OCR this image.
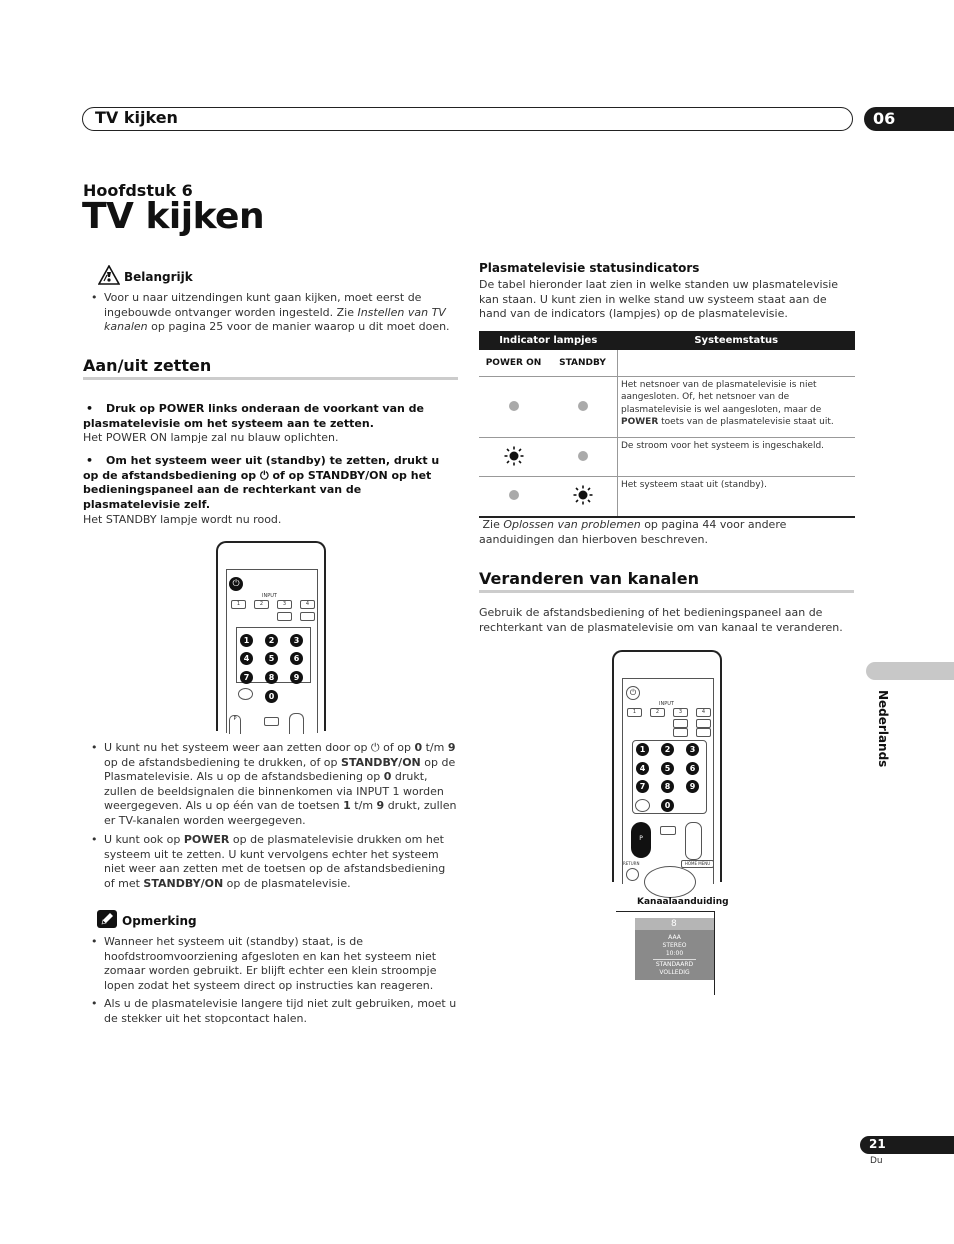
TV kijken	06
Hoofdstuk 6
TV kijken
Belangrijk
• Voor u naar uitzendingen kunt gaan kijken, moet eerst de ingebouwde ontvanger worden ingesteld. Zie Instellen van TV kanalen op pagina 25 voor de manier waarop u dit moet doen.
Aan/uit zetten
• Druk op POWER links onderaan de voorkant van de plasmatelevisie om het systeem aan te zetten.
Het POWER ON lampje zal nu blauw oplichten.
• Om het systeem weer uit (standby) te zetten, drukt u op de afstandsbediening op ⏻ of op STANDBY/ON op het bedieningspaneel aan de rechterkant van de plasmatelevisie zelf.
Het STANDBY lampje wordt nu rood.
⏻
INPUT
1	2	3	4
1	2	3
4	5	6
7	8	9
0
P
• U kunt nu het systeem weer aan zetten door op ⏻ of op 0 t/m 9 op de afstandsbediening te drukken, of op STANDBY/ON op de Plasmatelevisie. Als u op de afstandsbediening op 0 drukt, zullen de beeldsignalen die binnenkomen via INPUT 1 worden weergegeven. Als u op één van de toetsen 1 t/m 9 drukt, zullen er TV-kanalen worden weergegeven.
• U kunt ook op POWER op de plasmatelevisie drukken om het systeem uit te zetten. U kunt vervolgens echter het systeem niet weer aan zetten met de toetsen op de afstandsbediening of met STANDBY/ON op de plasmatelevisie.
Opmerking
• Wanneer het systeem uit (standby) staat, is de hoofdstroomvoorziening afgesloten en kan het systeem niet zomaar worden gebruikt. Er blijft echter een klein stroompje lopen zodat het systeem direct op instructies kan reageren.
• Als u de plasmatelevisie langere tijd niet zult gebruiken, moet u de stekker uit het stopcontact halen.
Plasmatelevisie statusindicators
De tabel hieronder laat zien in welke standen uw plasmatelevisie kan staan. U kunt zien in welke stand uw systeem staat aan de hand van de indicators (lampjes) op de plasmatelevisie.
Indicator lampjes		Systeemstatus
POWER ON	STANDBY	
		Het netsnoer van de plasmatelevisie is niet aangesloten. Of, het netsnoer van de plasmatelevisie is wel aangesloten, maar de POWER toets van de plasmatelevisie staat uit.
		De stroom voor het systeem is ingeschakeld.
		Het systeem staat uit (standby).
Zie Oplossen van problemen op pagina 44 voor andere aanduidingen dan hierboven beschreven.
Veranderen van kanalen
Gebruik de afstandsbediening of het bedieningspaneel aan de rechterkant van de plasmatelevisie om van kanaal te veranderen.
⏻
INPUT
1	2	3	4
1	2	3
4	5	6
7	8	9
0
P
RETURN	HOME MENU
Kanaalaanduiding
8
AAA
STEREO
10:00
STANDAARD
VOLLEDIG
Nederlands
21
Du
